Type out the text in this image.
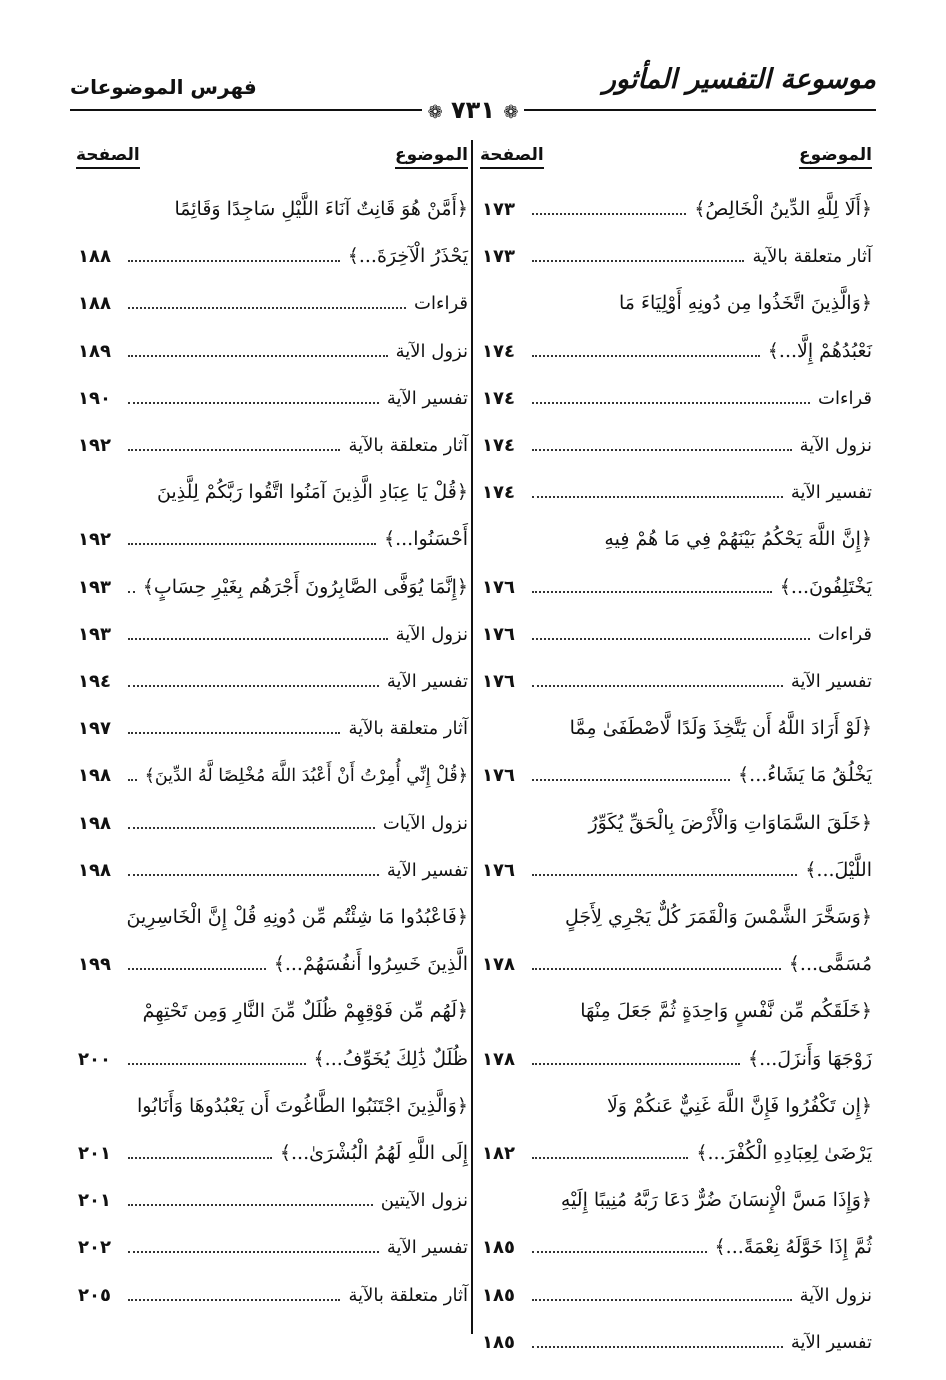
موسوعة التفسير المأثور
فهرس الموضوعات
❁ ٧٣١ ❁
الموضوع
الصفحة
﴿أَلَا لِلَّهِ الدِّينُ الْخَالِصُ﴾
١٧٣
آثار متعلقة بالآية
١٧٣
﴿وَالَّذِينَ اتَّخَذُوا مِن دُونِهِ أَوْلِيَاءَ مَا
نَعْبُدُهُمْ إِلَّا...﴾
١٧٤
قراءات
١٧٤
نزول الآية
١٧٤
تفسير الآية
١٧٤
﴿إِنَّ اللَّهَ يَحْكُمُ بَيْنَهُمْ فِي مَا هُمْ فِيهِ
يَخْتَلِفُونَ...﴾
١٧٦
قراءات
١٧٦
تفسير الآية
١٧٦
﴿لَوْ أَرَادَ اللَّهُ أَن يَتَّخِذَ وَلَدًا لَّاصْطَفَىٰ مِمَّا
يَخْلُقُ مَا يَشَاءُ...﴾
١٧٦
﴿خَلَقَ السَّمَاوَاتِ وَالْأَرْضَ بِالْحَقِّ يُكَوِّرُ
اللَّيْلَ...﴾
١٧٦
﴿وَسَخَّرَ الشَّمْسَ وَالْقَمَرَ كُلٌّ يَجْرِي لِأَجَلٍ
مُسَمًّى...﴾
١٧٨
﴿خَلَقَكُم مِّن نَّفْسٍ وَاحِدَةٍ ثُمَّ جَعَلَ مِنْهَا
زَوْجَهَا وَأَنزَلَ...﴾
١٧٨
﴿إِن تَكْفُرُوا فَإِنَّ اللَّهَ غَنِيٌّ عَنكُمْ وَلَا
يَرْضَىٰ لِعِبَادِهِ الْكُفْرَ...﴾
١٨٢
﴿وَإِذَا مَسَّ الْإِنسَانَ ضُرٌّ دَعَا رَبَّهُ مُنِيبًا إِلَيْهِ
ثُمَّ إِذَا خَوَّلَهُ نِعْمَةً...﴾
١٨٥
نزول الآية
١٨٥
تفسير الآية
١٨٥
الموضوع
الصفحة
﴿أَمَّنْ هُوَ قَانِتٌ آنَاءَ اللَّيْلِ سَاجِدًا وَقَائِمًا
يَحْذَرُ الْآخِرَةَ...﴾
١٨٨
قراءات
١٨٨
نزول الآية
١٨٩
تفسير الآية
١٩٠
آثار متعلقة بالآية
١٩٢
﴿قُلْ يَا عِبَادِ الَّذِينَ آمَنُوا اتَّقُوا رَبَّكُمْ لِلَّذِينَ
أَحْسَنُوا...﴾
١٩٢
﴿إِنَّمَا يُوَفَّى الصَّابِرُونَ أَجْرَهُم بِغَيْرِ حِسَابٍ﴾
١٩٣
نزول الآية
١٩٣
تفسير الآية
١٩٤
آثار متعلقة بالآية
١٩٧
﴿قُلْ إِنِّي أُمِرْتُ أَنْ أَعْبُدَ اللَّهَ مُخْلِصًا لَّهُ الدِّينَ﴾
١٩٨
نزول الآيات
١٩٨
تفسير الآية
١٩٨
﴿فَاعْبُدُوا مَا شِئْتُم مِّن دُونِهِ قُلْ إِنَّ الْخَاسِرِينَ
الَّذِينَ خَسِرُوا أَنفُسَهُمْ...﴾
١٩٩
﴿لَهُم مِّن فَوْقِهِمْ ظُلَلٌ مِّنَ النَّارِ وَمِن تَحْتِهِمْ
ظُلَلٌ ذَٰلِكَ يُخَوِّفُ...﴾
٢٠٠
﴿وَالَّذِينَ اجْتَنَبُوا الطَّاغُوتَ أَن يَعْبُدُوهَا وَأَنَابُوا
إِلَى اللَّهِ لَهُمُ الْبُشْرَىٰ...﴾
٢٠١
نزول الآيتين
٢٠١
تفسير الآية
٢٠٢
آثار متعلقة بالآية
٢٠٥
